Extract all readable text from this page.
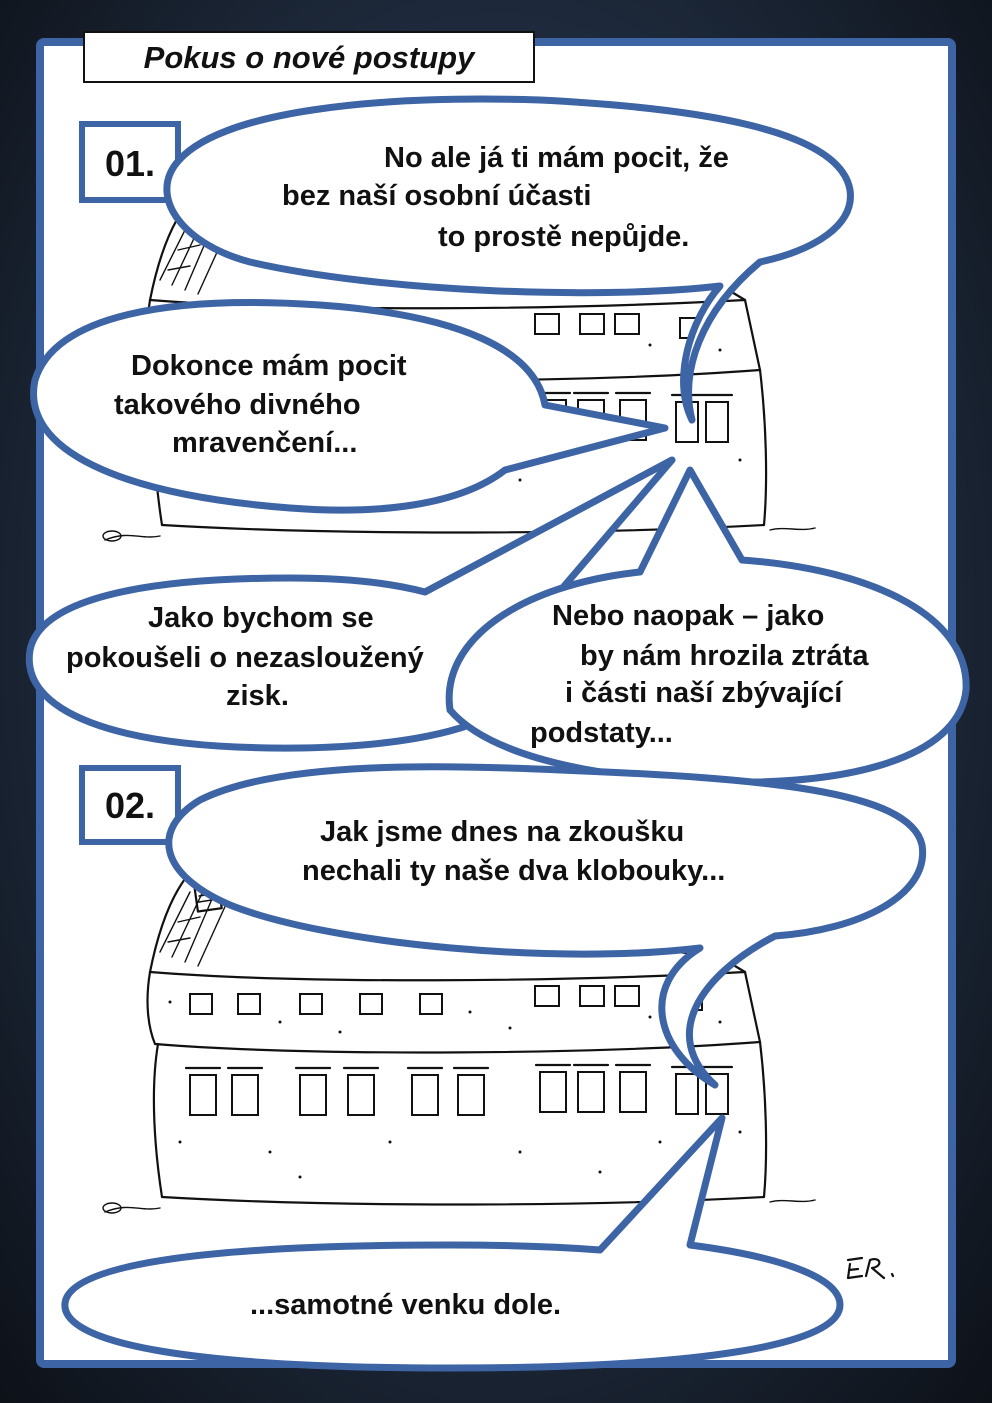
Pokus o nové postupy
01.	No ale já ti mám pocit, že bez naší osobní účasti to prostě nepůjde.
Dokonce mám pocit takového divného mravenčení...
Jako bychom se pokoušeli o nezasloužený zisk.
Nebo naopak – jako by nám hrozila ztráta i části naší zbývající podstaty...
02.
Jak jsme dnes na zkoušku nechali ty naše dva klobouky...
...samotné venku dole.
